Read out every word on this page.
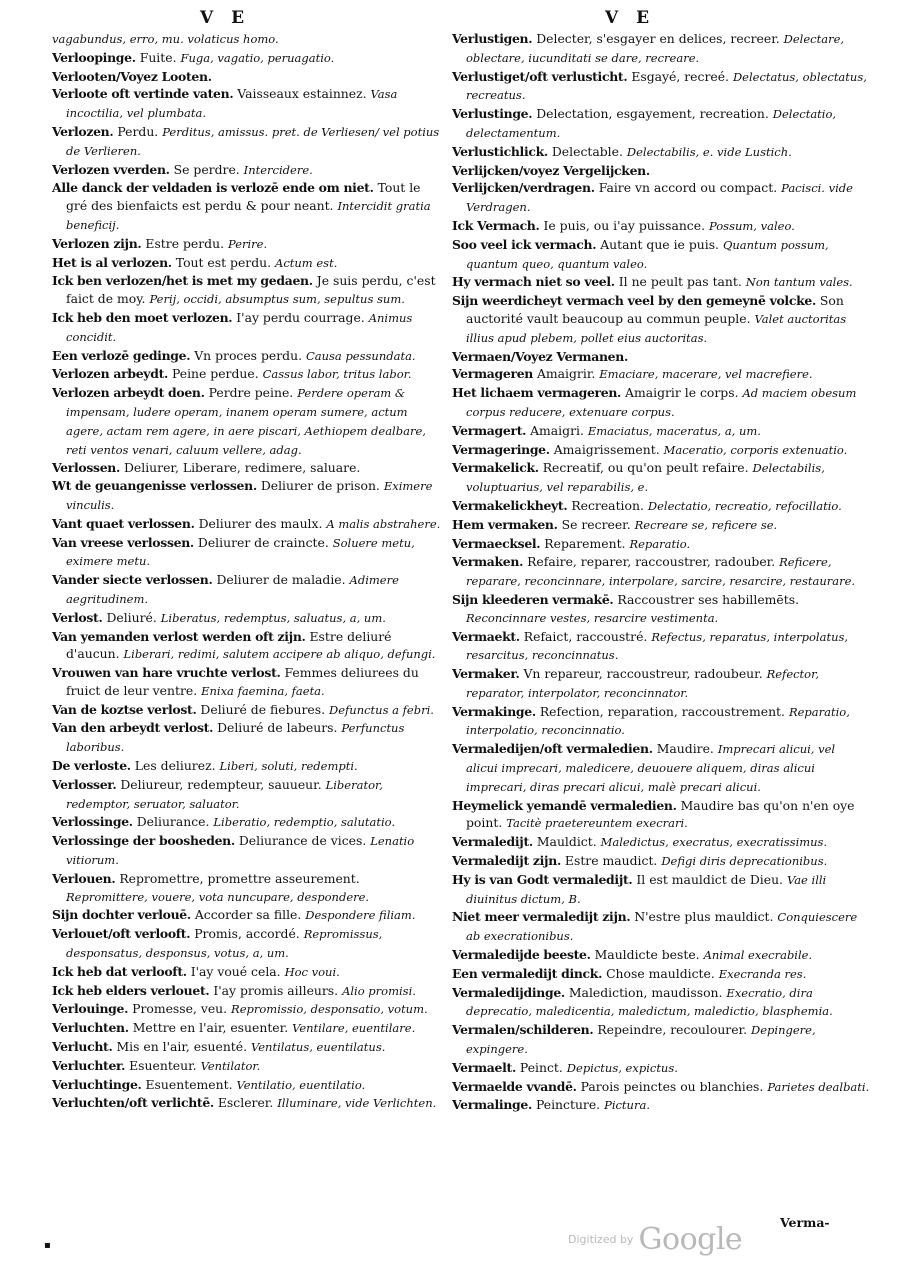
V E	V E

vagabundus, erro, mu. volaticus homo.

Verloopinge. Fuite. Fuga, vagatio, peruagatio.

Verlooten/Voyez Looten.

Verloote oft vertinde vaten. Vaisseaux estainnez. Vasa incoctilia, vel plumbata.

Verlozen. Perdu. Perditus, amissus. pret. de Verliesen/ vel potius de Verlieren.

Verlozen vverden. Se perdre. Intercidere.

Alle danck der veldaden is verlozē ende om niet. Tout le gré des bienfaicts est perdu & pour neant. Intercidit gratia beneficij.

Verlozen zijn. Estre perdu. Perire.

Het is al verlozen. Tout est perdu. Actum est.

Ick ben verlozen/het is met my gedaen. Je suis perdu, c'est faict de moy. Perij, occidi, absumptus sum, sepultus sum.

Ick heb den moet verlozen. I'ay perdu courrage. Animus concidit.

Een verlozē gedinge. Vn proces perdu. Causa pessundata.

Verlozen arbeydt. Peine perdue. Cassus labor, tritus labor.

Verlozen arbeydt doen. Perdre peine. Perdere operam & impensam, ludere operam, inanem operam sumere, actum agere, actam rem agere, in aere piscari, Aethiopem dealbare, reti ventos venari, caluum vellere, adag.

Verlossen. Deliurer, Liberare, redimere, saluare.

Wt de geuangenisse verlossen. Deliurer de prison. Eximere vinculis.

Vant quaet verlossen. Deliurer des maulx. A malis abstrahere.

Van vreese verlossen. Deliurer de craincte. Soluere metu, eximere metu.

Vander siecte verlossen. Deliurer de maladie. Adimere aegritudinem.

Verlost. Deliuré. Liberatus, redemptus, saluatus, a, um.

Van yemanden verlost werden oft zijn. Estre deliuré d'aucun. Liberari, redimi, salutem accipere ab aliquo, defungi.

Vrouwen van hare vruchte verlost. Femmes deliurees du fruict de leur ventre. Enixa faemina, faeta.

Van de koztse verlost. Deliuré de fiebures. Defunctus a febri.

Van den arbeydt verlost. Deliuré de labeurs. Perfunctus laboribus.

De verloste. Les deliurez. Liberi, soluti, redempti.

Verlosser. Deliureur, redempteur, sauueur. Liberator, redemptor, seruator, saluator.

Verlossinge. Deliurance. Liberatio, redemptio, salutatio.

Verlossinge der boosheden. Deliurance de vices. Lenatio vitiorum.

Verlouen. Repromettre, promettre asseurement. Repromittere, vouere, vota nuncupare, despondere.

Sijn dochter verlouē. Accorder sa fille. Despondere filiam.

Verlouet/oft verlooft. Promis, accordé. Repromissus, desponsatus, desponsus, votus, a, um.

Ick heb dat verlooft. I'ay voué cela. Hoc voui.

Ick heb elders verlouet. I'ay promis ailleurs. Alio promisi.

Verlouinge. Promesse, veu. Repromissio, desponsatio, votum.

Verluchten. Mettre en l'air, esuenter. Ventilare, euentilare.

Verlucht. Mis en l'air, esuenté. Ventilatus, euentilatus.

Verluchter. Esuenteur. Ventilator.

Verluchtinge. Esuentement. Ventilatio, euentilatio.

Verluchten/oft verlichtē. Esclerer. Illuminare, vide Verlichten.

Verlustigen. Delecter, s'esgayer en delices, recreer. Delectare, oblectare, iucunditati se dare, recreare.

Verlustiget/oft verlusticht. Esgayé, recreé. Delectatus, oblectatus, recreatus.

Verlustinge. Delectation, esgayement, recreation. Delectatio, delectamentum.

Verlustichlick. Delectable. Delectabilis, e. vide Lustich.

Verlijcken/voyez Vergelijcken.

Verlijcken/verdragen. Faire vn accord ou compact. Pacisci. vide Verdragen.

Ick Vermach. Ie puis, ou i'ay puissance. Possum, valeo.

Soo veel ick vermach. Autant que ie puis. Quantum possum, quantum queo, quantum valeo.

Hy vermach niet so veel. Il ne peult pas tant. Non tantum vales.

Sijn weerdicheyt vermach veel by den gemeynē volcke. Son auctorité vault beaucoup au commun peuple. Valet auctoritas illius apud plebem, pollet eius auctoritas.

Vermaen/Voyez Vermanen.

Vermageren Amaigrir. Emaciare, macerare, vel macrefiere.

Het lichaem vermageren. Amaigrir le corps. Ad maciem obesum corpus reducere, extenuare corpus.

Vermagert. Amaigri. Emaciatus, maceratus, a, um.

Vermageringe. Amaigrissement. Maceratio, corporis extenuatio.

Vermakelick. Recreatif, ou qu'on peult refaire. Delectabilis, voluptuarius, vel reparabilis, e.

Vermakelickheyt. Recreation. Delectatio, recreatio, refocillatio.

Hem vermaken. Se recreer. Recreare se, reficere se.

Vermaecksel. Reparement. Reparatio.

Vermaken. Refaire, reparer, raccoustrer, radouber. Reficere, reparare, reconcinnare, interpolare, sarcire, resarcire, restaurare.

Sijn kleederen vermakē. Raccoustrer ses habillemēts. Reconcinnare vestes, resarcire vestimenta.

Vermaekt. Refaict, raccoustré. Refectus, reparatus, interpolatus, resarcitus, reconcinnatus.

Vermaker. Vn repareur, raccoustreur, radoubeur. Refector, reparator, interpolator, reconcinnator.

Vermakinge. Refection, reparation, raccoustrement. Reparatio, interpolatio, reconcinnatio.

Vermaledijen/oft vermaledien. Maudire. Imprecari alicui, vel alicui imprecari, maledicere, deuouere aliquem, diras alicui imprecari, diras precari alicui, malè precari alicui.

Heymelick yemandē vermaledien. Maudire bas qu'on n'en oye point. Tacitè praetereuntem execrari.

Vermaledijt. Mauldict. Maledictus, execratus, execratissimus.

Vermaledijt zijn. Estre maudict. Defigi diris deprecationibus.

Hy is van Godt vermaledijt. Il est mauldict de Dieu. Vae illi diuinitus dictum, B.

Niet meer vermaledijt zijn. N'estre plus mauldict. Conquiescere ab execrationibus.

Vermaledijde beeste. Mauldicte beste. Animal execrabile.

Een vermaledijt dinck. Chose mauldicte. Execranda res.

Vermaledijdinge. Malediction, maudisson. Execratio, dira deprecatio, maledicentia, maledictum, maledictio, blasphemia.

Vermalen/schilderen. Repeindre, recoulourer. Depingere, expingere.

Vermaelt. Peinct. Depictus, expictus.

Vermaelde vvandē. Parois peinctes ou blanchies. Parietes dealbati.

Vermalinge. Peincture. Pictura.

Verma-
Digitized by Google
▪
